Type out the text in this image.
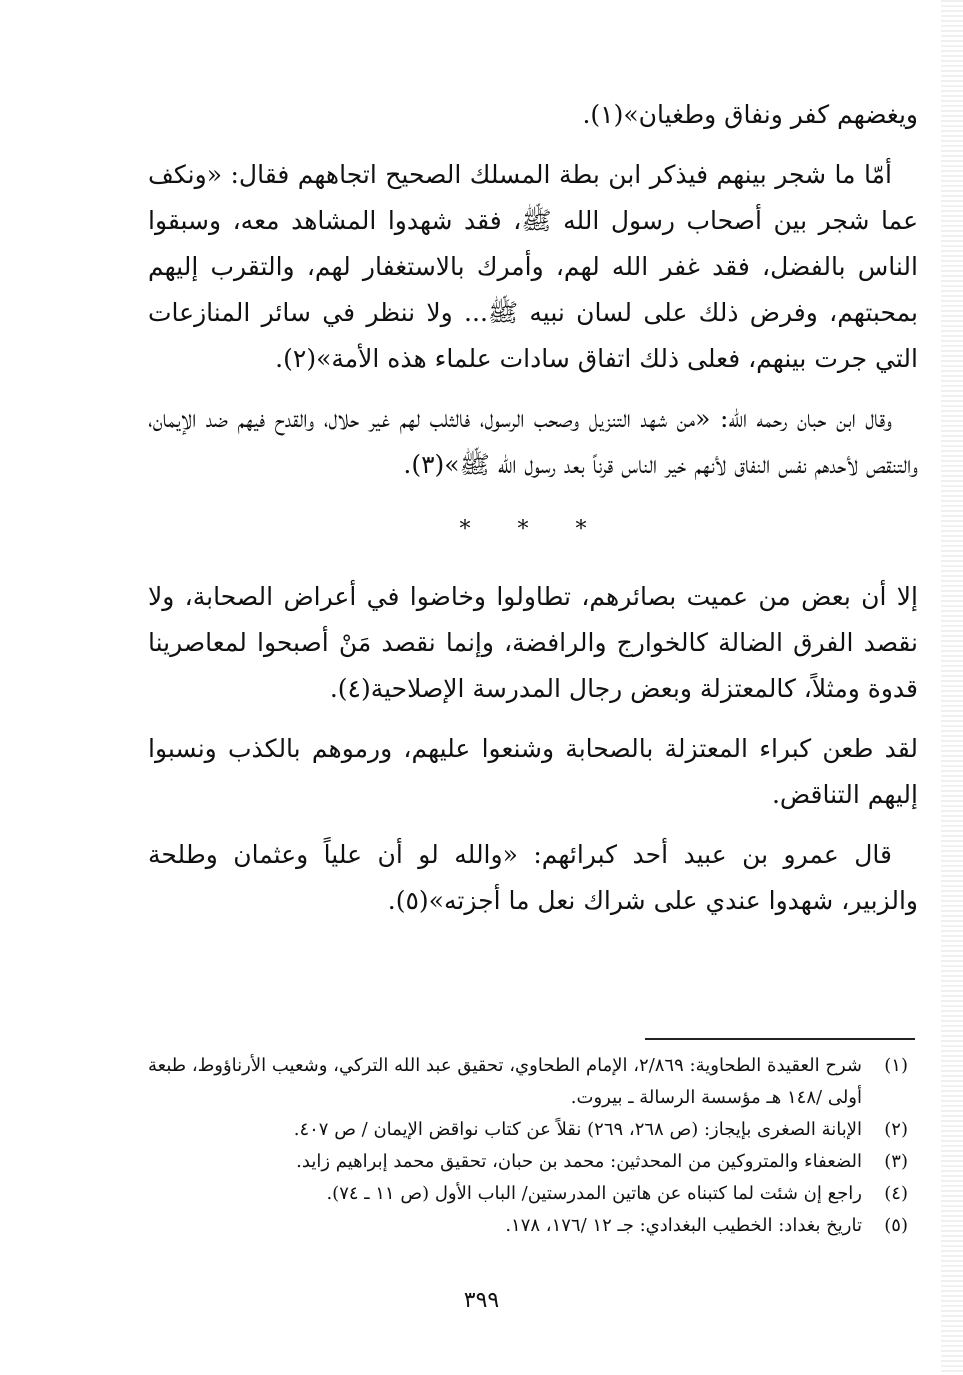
ويغضهم كفر ونفاق وطغيان»(١).

أمّا ما شجر بينهم فيذكر ابن بطة المسلك الصحيح اتجاههم فقال: «ونكف عما شجر بين أصحاب رسول الله ﷺ، فقد شهدوا المشاهد معه، وسبقوا الناس بالفضل، فقد غفر الله لهم، وأمرك بالاستغفار لهم، والتقرب إليهم بمحبتهم، وفرض ذلك على لسان نبيه ﷺ... ولا ننظر في سائر المنازعات التي جرت بينهم، فعلى ذلك اتفاق سادات علماء هذه الأمة»(٢).

وقال ابن حبان رحمه الله: «من شهد التنزيل وصحب الرسول، فالثلب لهم غير حلال، والقدح فيهم ضد الإيمان، والتنقص لأحدهم نفس النفاق لأنهم خير الناس قرناً بعد رسول الله ﷺ»(٣).

* * *

إلا أن بعض من عميت بصائرهم، تطاولوا وخاضوا في أعراض الصحابة، ولا نقصد الفرق الضالة كالخوارج والرافضة، وإنما نقصد مَنْ أصبحوا لمعاصرينا قدوة ومثلاً، كالمعتزلة وبعض رجال المدرسة الإصلاحية(٤).

لقد طعن كبراء المعتزلة بالصحابة وشنعوا عليهم، ورموهم بالكذب ونسبوا إليهم التناقض.

قال عمرو بن عبيد أحد كبرائهم: «والله لو أن علياً وعثمان وطلحة والزبير، شهدوا عندي على شراك نعل ما أجزته»(٥).

(١)
شرح العقيدة الطحاوية: ٢/٨٦٩، الإمام الطحاوي، تحقيق عبد الله التركي، وشعيب الأرناؤوط، طبعة أولى /١٤٨ هـ مؤسسة الرسالة ـ بيروت.
(٢)
الإبانة الصغرى بإيجاز: (ص ٢٦٨، ٢٦٩) نقلاً عن كتاب نواقض الإيمان / ص ٤٠٧.
(٣)
الضعفاء والمتروكين من المحدثين: محمد بن حبان، تحقيق محمد إبراهيم زايد.
(٤)
راجع إن شئت لما كتبناه عن هاتين المدرستين/ الباب الأول (ص ١١ ـ ٧٤).
(٥)
تاريخ بغداد: الخطيب البغدادي: جـ ١٢ /١٧٦، ١٧٨.
٣٩٩
